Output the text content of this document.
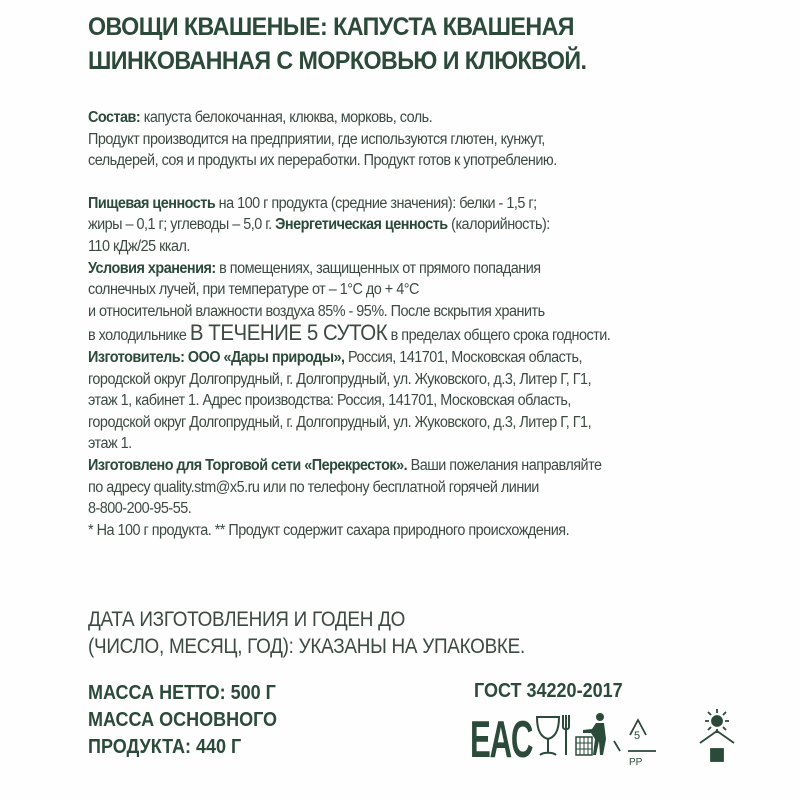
ОВОЩИ КВАШЕНЫЕ: КАПУСТА КВАШЕНАЯ
ШИНКОВАННАЯ С МОРКОВЬЮ И КЛЮКВОЙ.
Состав: капуста белокочанная, клюква, морковь, соль.
Продукт производится на предприятии, где используются глютен, кунжут,
сельдерей, соя и продукты их переработки. Продукт готов к употреблению.
Пищевая ценность на 100 г продукта (средние значения): белки - 1,5 г;
жиры – 0,1 г; углеводы – 5,0 г. Энергетическая ценность (калорийность):
110 кДж/25 ккал.
Условия хранения: в помещениях, защищенных от прямого попадания
солнечных лучей, при температуре от – 1°С до + 4°С
и относительной влажности воздуха 85% - 95%. После вскрытия хранить
в холодильнике В ТЕЧЕНИЕ 5 СУТОК в пределах общего срока годности.
Изготовитель: ООО «Дары природы», Россия, 141701, Московская область,
городской округ Долгопрудный, г. Долгопрудный, ул. Жуковского, д.3, Литер Г, Г1,
этаж 1, кабинет 1. Адрес производства: Россия, 141701, Московская область,
городской округ Долгопрудный, г. Долгопрудный, ул. Жуковского, д.3, Литер Г, Г1,
этаж 1.
Изготовлено для Торговой сети «Перекресток». Ваши пожелания направляйте
по адресу quality.stm@x5.ru или по телефону бесплатной горячей линии
8-800-200-95-55.
* На 100 г продукта. ** Продукт содержит сахара природного происхождения.
ДАТА ИЗГОТОВЛЕНИЯ И ГОДЕН ДО
(ЧИСЛО, МЕСЯЦ, ГОД): УКАЗАНЫ НА УПАКОВКЕ.
МАССА НЕТТО: 500 Г
МАССА ОСНОВНОГО
ПРОДУКТА: 440 Г
ГОСТ 34220-2017
EAC	5
PP
